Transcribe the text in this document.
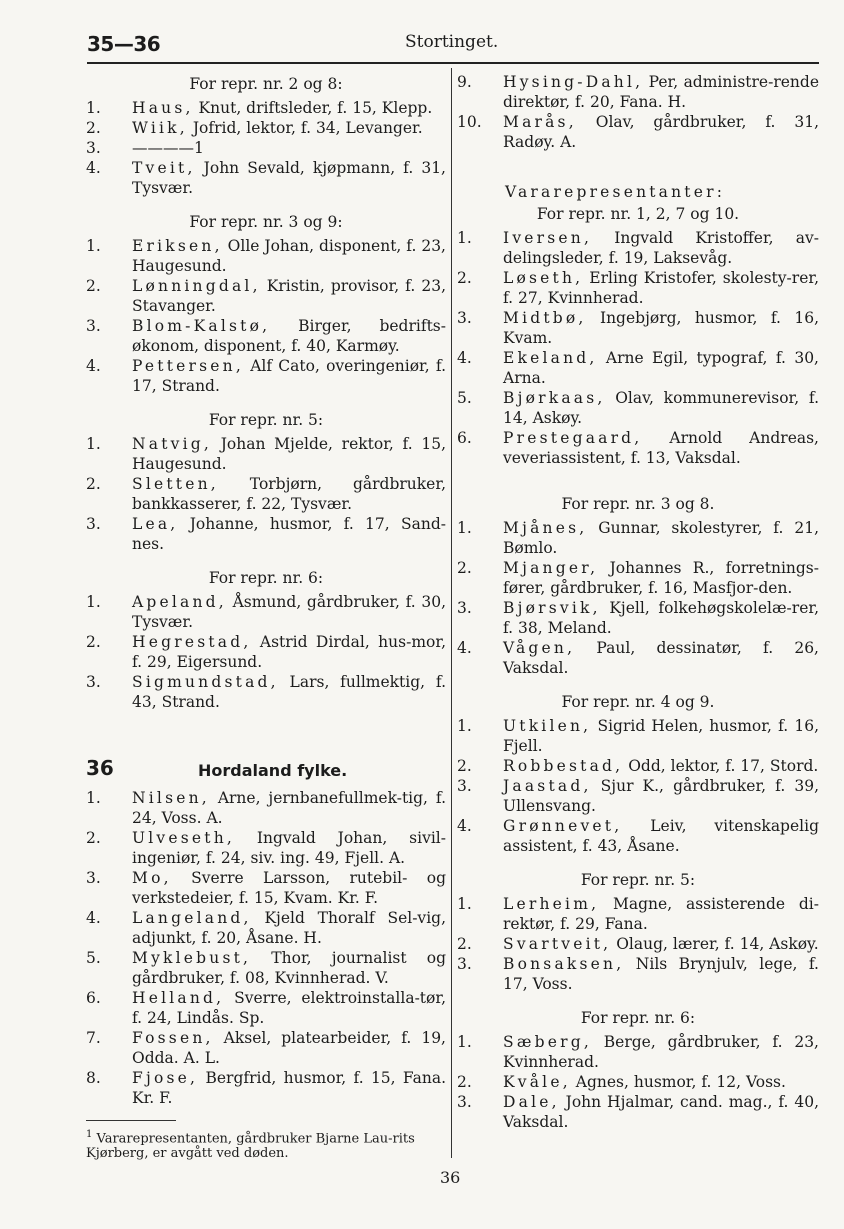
35—36	Stortinget.

For repr. nr. 2 og 8:

1.	Haus, Knut, driftsleder, f. 15, Klepp.

2.	Wiik, Jofrid, lektor, f. 34, Levanger.

3.	————1

4.	Tveit, John Sevald, kjøpmann, f. 31, Tysvær.

For repr. nr. 3 og 9:

1.	Eriksen, Olle Johan, disponent, f. 23, Haugesund.

2.	Lønningdal, Kristin, provisor, f. 23, Stavanger.

3.	Blom-Kalstø, Birger, bedrifts-økonom, disponent, f. 40, Karmøy.

4.	Pettersen, Alf Cato, overingeniør, f. 17, Strand.

For repr. nr. 5:

1.	Natvig, Johan Mjelde, rektor, f. 15, Haugesund.

2.	Sletten, Torbjørn, gårdbruker, bankkasserer, f. 22, Tysvær.

3.	Lea, Johanne, husmor, f. 17, Sand-nes.

For repr. nr. 6:

1.	Apeland, Åsmund, gårdbruker, f. 30, Tysvær.

2.	Hegrestad, Astrid Dirdal, hus-mor, f. 29, Eigersund.

3.	Sigmundstad, Lars, fullmektig, f. 43, Strand.

36	Hordaland fylke.

1.	Nilsen, Arne, jernbanefullmek-tig, f. 24, Voss. A.

2.	Ulveseth, Ingvald Johan, sivil-ingeniør, f. 24, siv. ing. 49, Fjell. A.

3.	Mo, Sverre Larsson, rutebil- og verkstedeier, f. 15, Kvam. Kr. F.

4.	Langeland, Kjeld Thoralf Sel-vig, adjunkt, f. 20, Åsane. H.

5.	Myklebust, Thor, journalist og gårdbruker, f. 08, Kvinnherad. V.

6.	Helland, Sverre, elektroinstalla-tør, f. 24, Lindås. Sp.

7.	Fossen, Aksel, platearbeider, f. 19, Odda. A. L.

8.	Fjose, Bergfrid, husmor, f. 15, Fana. Kr. F.

$^1$ Vararepresentanten, gårdbruker Bjarne Lau-rits Kjørberg, er avgått ved døden.

9.	Hysing-Dahl, Per, administre-rende direktør, f. 20, Fana. H.

10.	Marås, Olav, gårdbruker, f. 31, Radøy. A.

Vararepresentanter:

For repr. nr. 1, 2, 7 og 10.

1.	Iversen, Ingvald Kristoffer, av-delingsleder, f. 19, Laksevåg.

2.	Løseth, Erling Kristofer, skolesty-rer, f. 27, Kvinnherad.

3.	Midtbø, Ingebjørg, husmor, f. 16, Kvam.

4.	Ekeland, Arne Egil, typograf, f. 30, Arna.

5.	Bjørkaas, Olav, kommunerevisor, f. 14, Askøy.

6.	Prestegaard, Arnold Andreas, veveriassistent, f. 13, Vaksdal.

For repr. nr. 3 og 8.

1.	Mjånes, Gunnar, skolestyrer, f. 21, Bømlo.

2.	Mjanger, Johannes R., forretnings-fører, gårdbruker, f. 16, Masfjor-den.

3.	Bjørsvik, Kjell, folkehøgskolelæ-rer, f. 38, Meland.

4.	Vågen, Paul, dessinatør, f. 26, Vaksdal.

For repr. nr. 4 og 9.

1.	Utkilen, Sigrid Helen, husmor, f. 16, Fjell.

2.	Robbestad, Odd, lektor, f. 17, Stord.

3.	Jaastad, Sjur K., gårdbruker, f. 39, Ullensvang.

4.	Grønnevet, Leiv, vitenskapelig assistent, f. 43, Åsane.

For repr. nr. 5:

1.	Lerheim, Magne, assisterende di-rektør, f. 29, Fana.

2.	Svartveit, Olaug, lærer, f. 14, Askøy.

3.	Bonsaksen, Nils Brynjulv, lege, f. 17, Voss.

For repr. nr. 6:

1.	Sæberg, Berge, gårdbruker, f. 23, Kvinnherad.

2.	Kvåle, Agnes, husmor, f. 12, Voss.

3.	Dale, John Hjalmar, cand. mag., f. 40, Vaksdal.

36
